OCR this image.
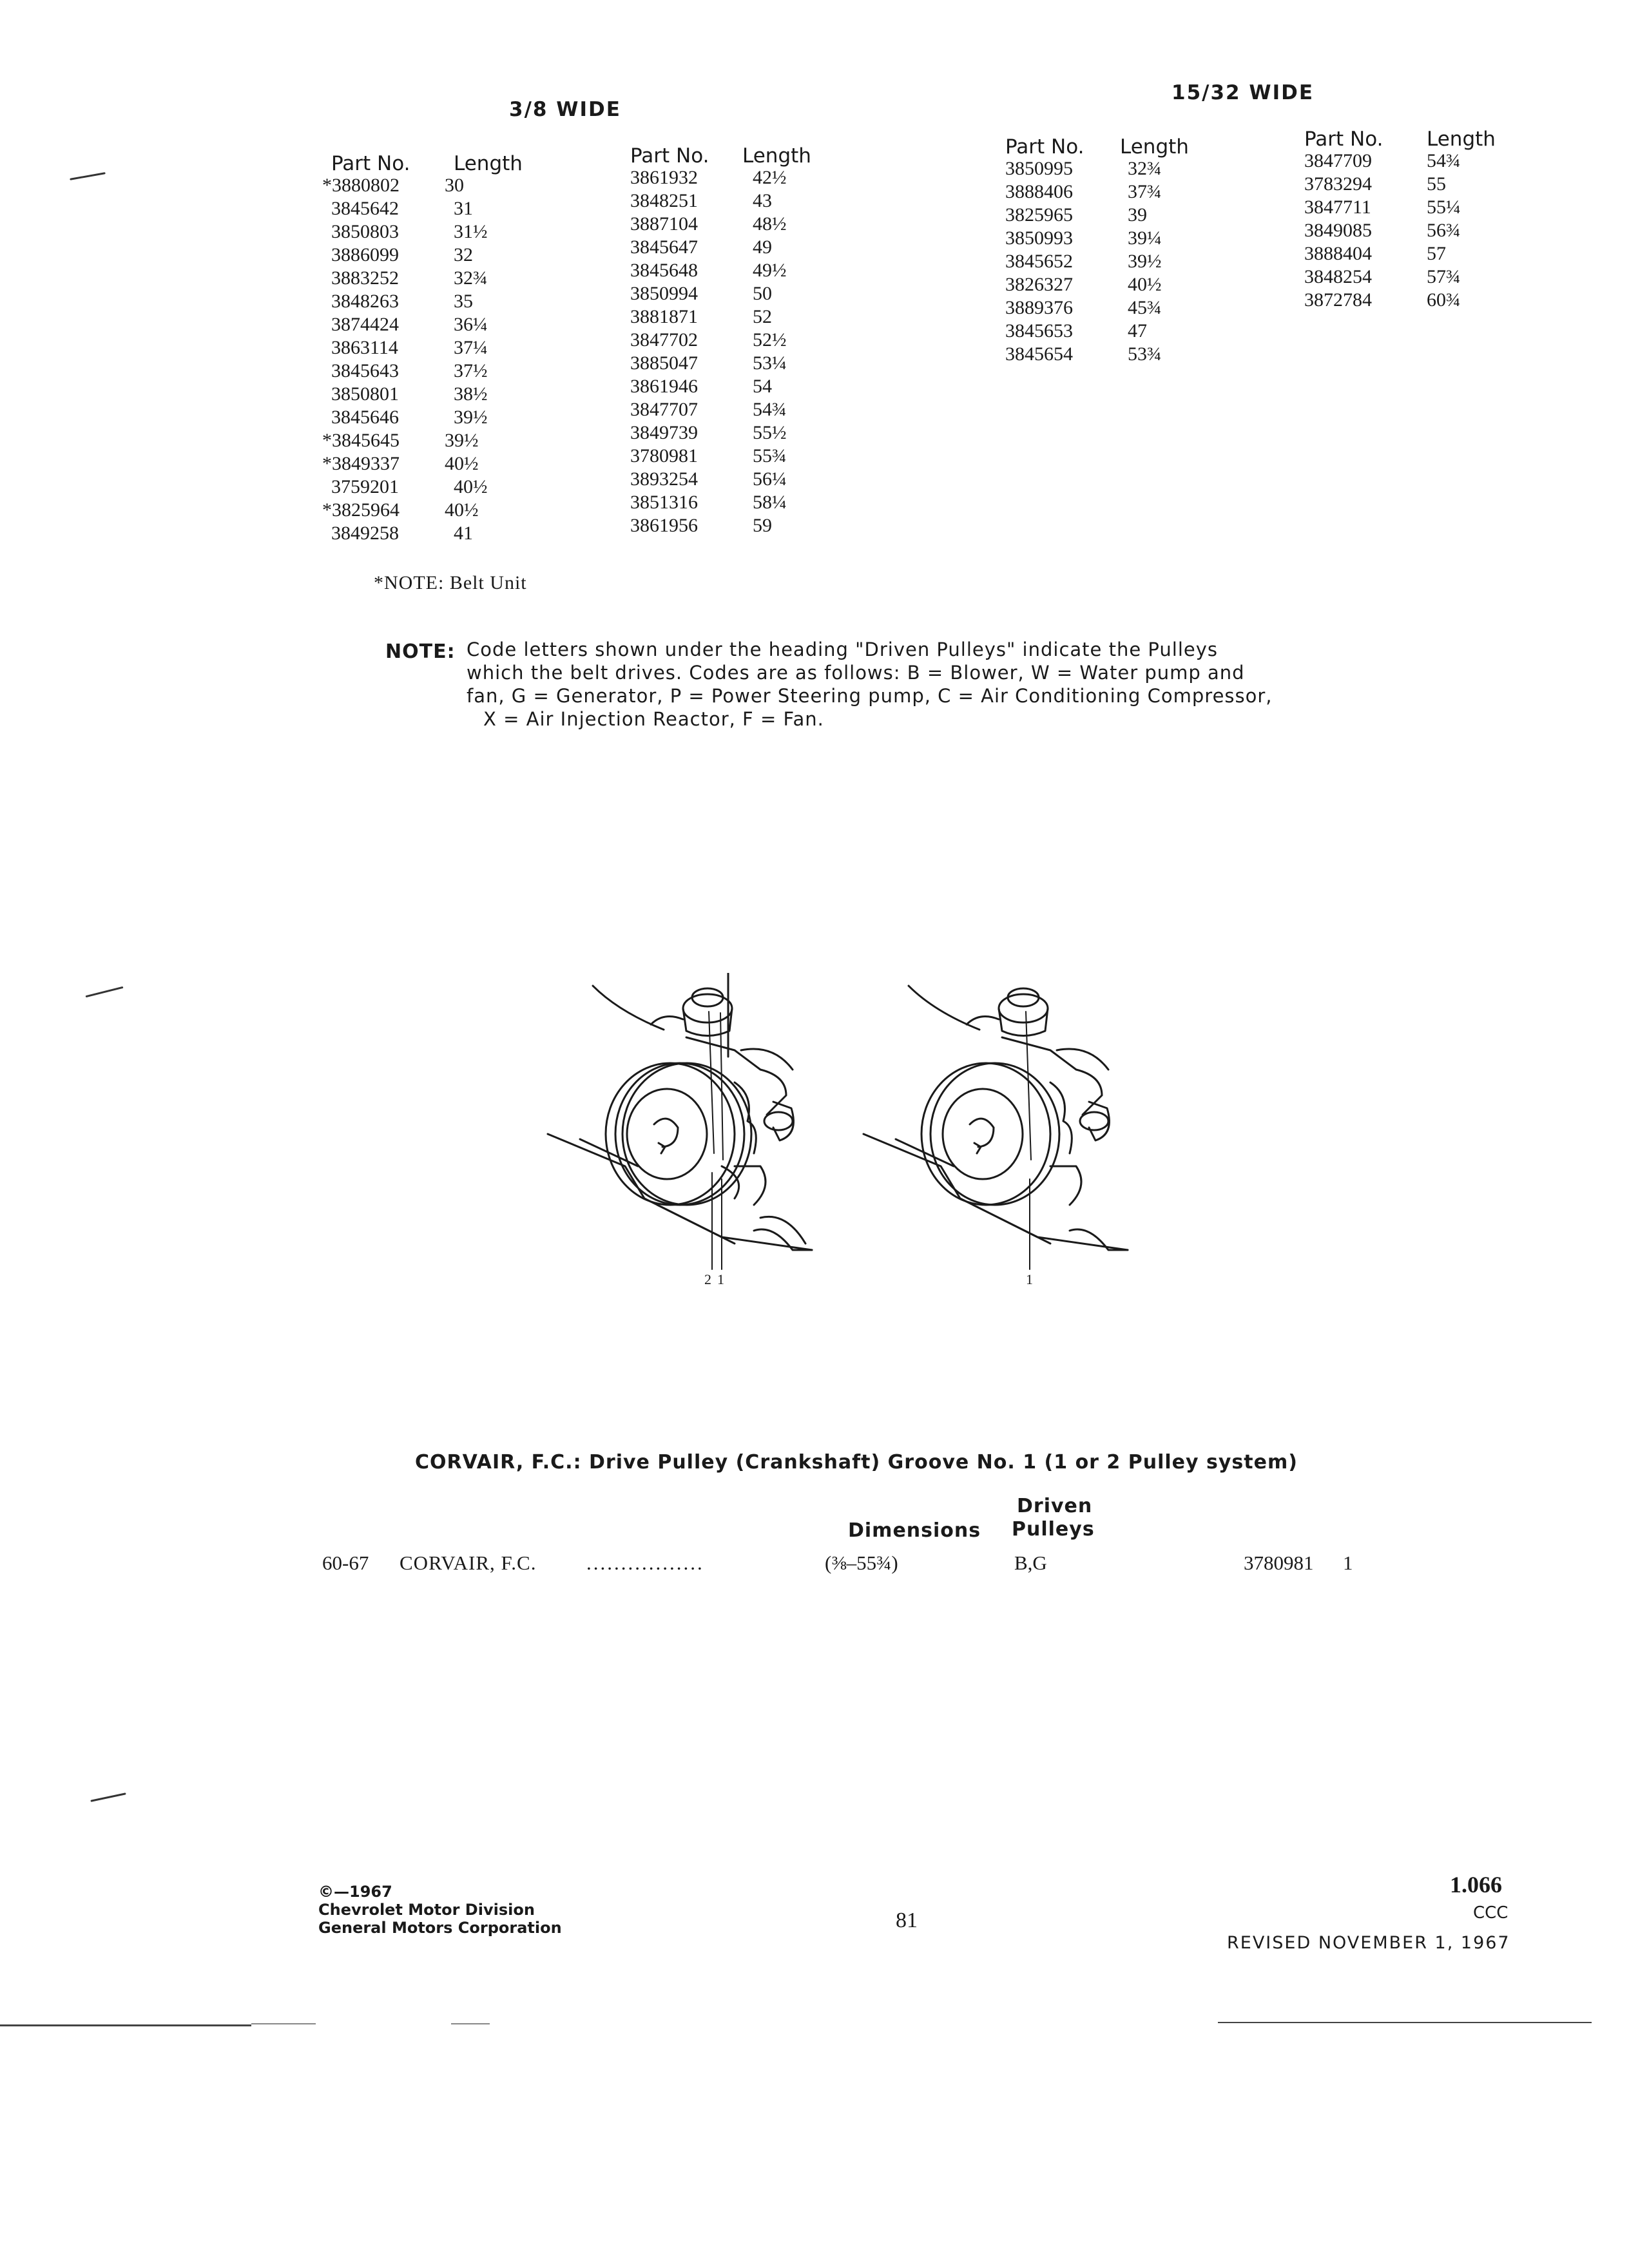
3/8 WIDE
Part No. Length
*3880802 30
3845642	31
3850803	31½
3886099	32
3883252	32¾
3848263	35
3874424	36¼
3863114	37¼
3845643	37½
3850801	38½
3845646	39½
*3845645 39½
*3849337 40½
3759201	40½
*3825964 40½
3849258	41
Part No. Length
3861932	42½
3848251	43
3887104	48½
3845647	49
3845648	49½
3850994	50
3881871	52
3847702	52½
3885047	53¼
3861946	54
3847707	54¾
3849739	55½
3780981	55¾
3893254	56¼
3851316	58¼
3861956	59
*NOTE: Belt Unit
15/32 WIDE
Part No. Length
3850995	32¾
3888406	37¾
3825965	39
3850993	39¼
3845652	39½
3826327	40½
3889376	45¾
3845653	47
3845654	53¾
Part No. Length
3847709	54¾
3783294	55
3847711	55¼
3849085	56¾
3888404	57
3848254	57¾
3872784	60¾
NOTE: Code letters shown under the heading "Driven Pulleys" indicate the Pulleys
which the belt drives. Codes are as follows: B = Blower, W = Water pump and
fan, G = Generator, P = Power Steering pump, C = Air Conditioning Compressor,
X = Air Injection Reactor, F = Fan.
2 1	1
CORVAIR, F.C.: Drive Pulley (Crankshaft) Groove No. 1 (1 or 2 Pulley system)
Driven
Pulleys
Dimensions
60-67 CORVAIR, F.C.	.................	(⅜–55¾)	B,G	3780981 1
©—1967
Chevrolet Motor Division
General Motors Corporation	81
1.066
CCC
REVISED NOVEMBER 1, 1967
